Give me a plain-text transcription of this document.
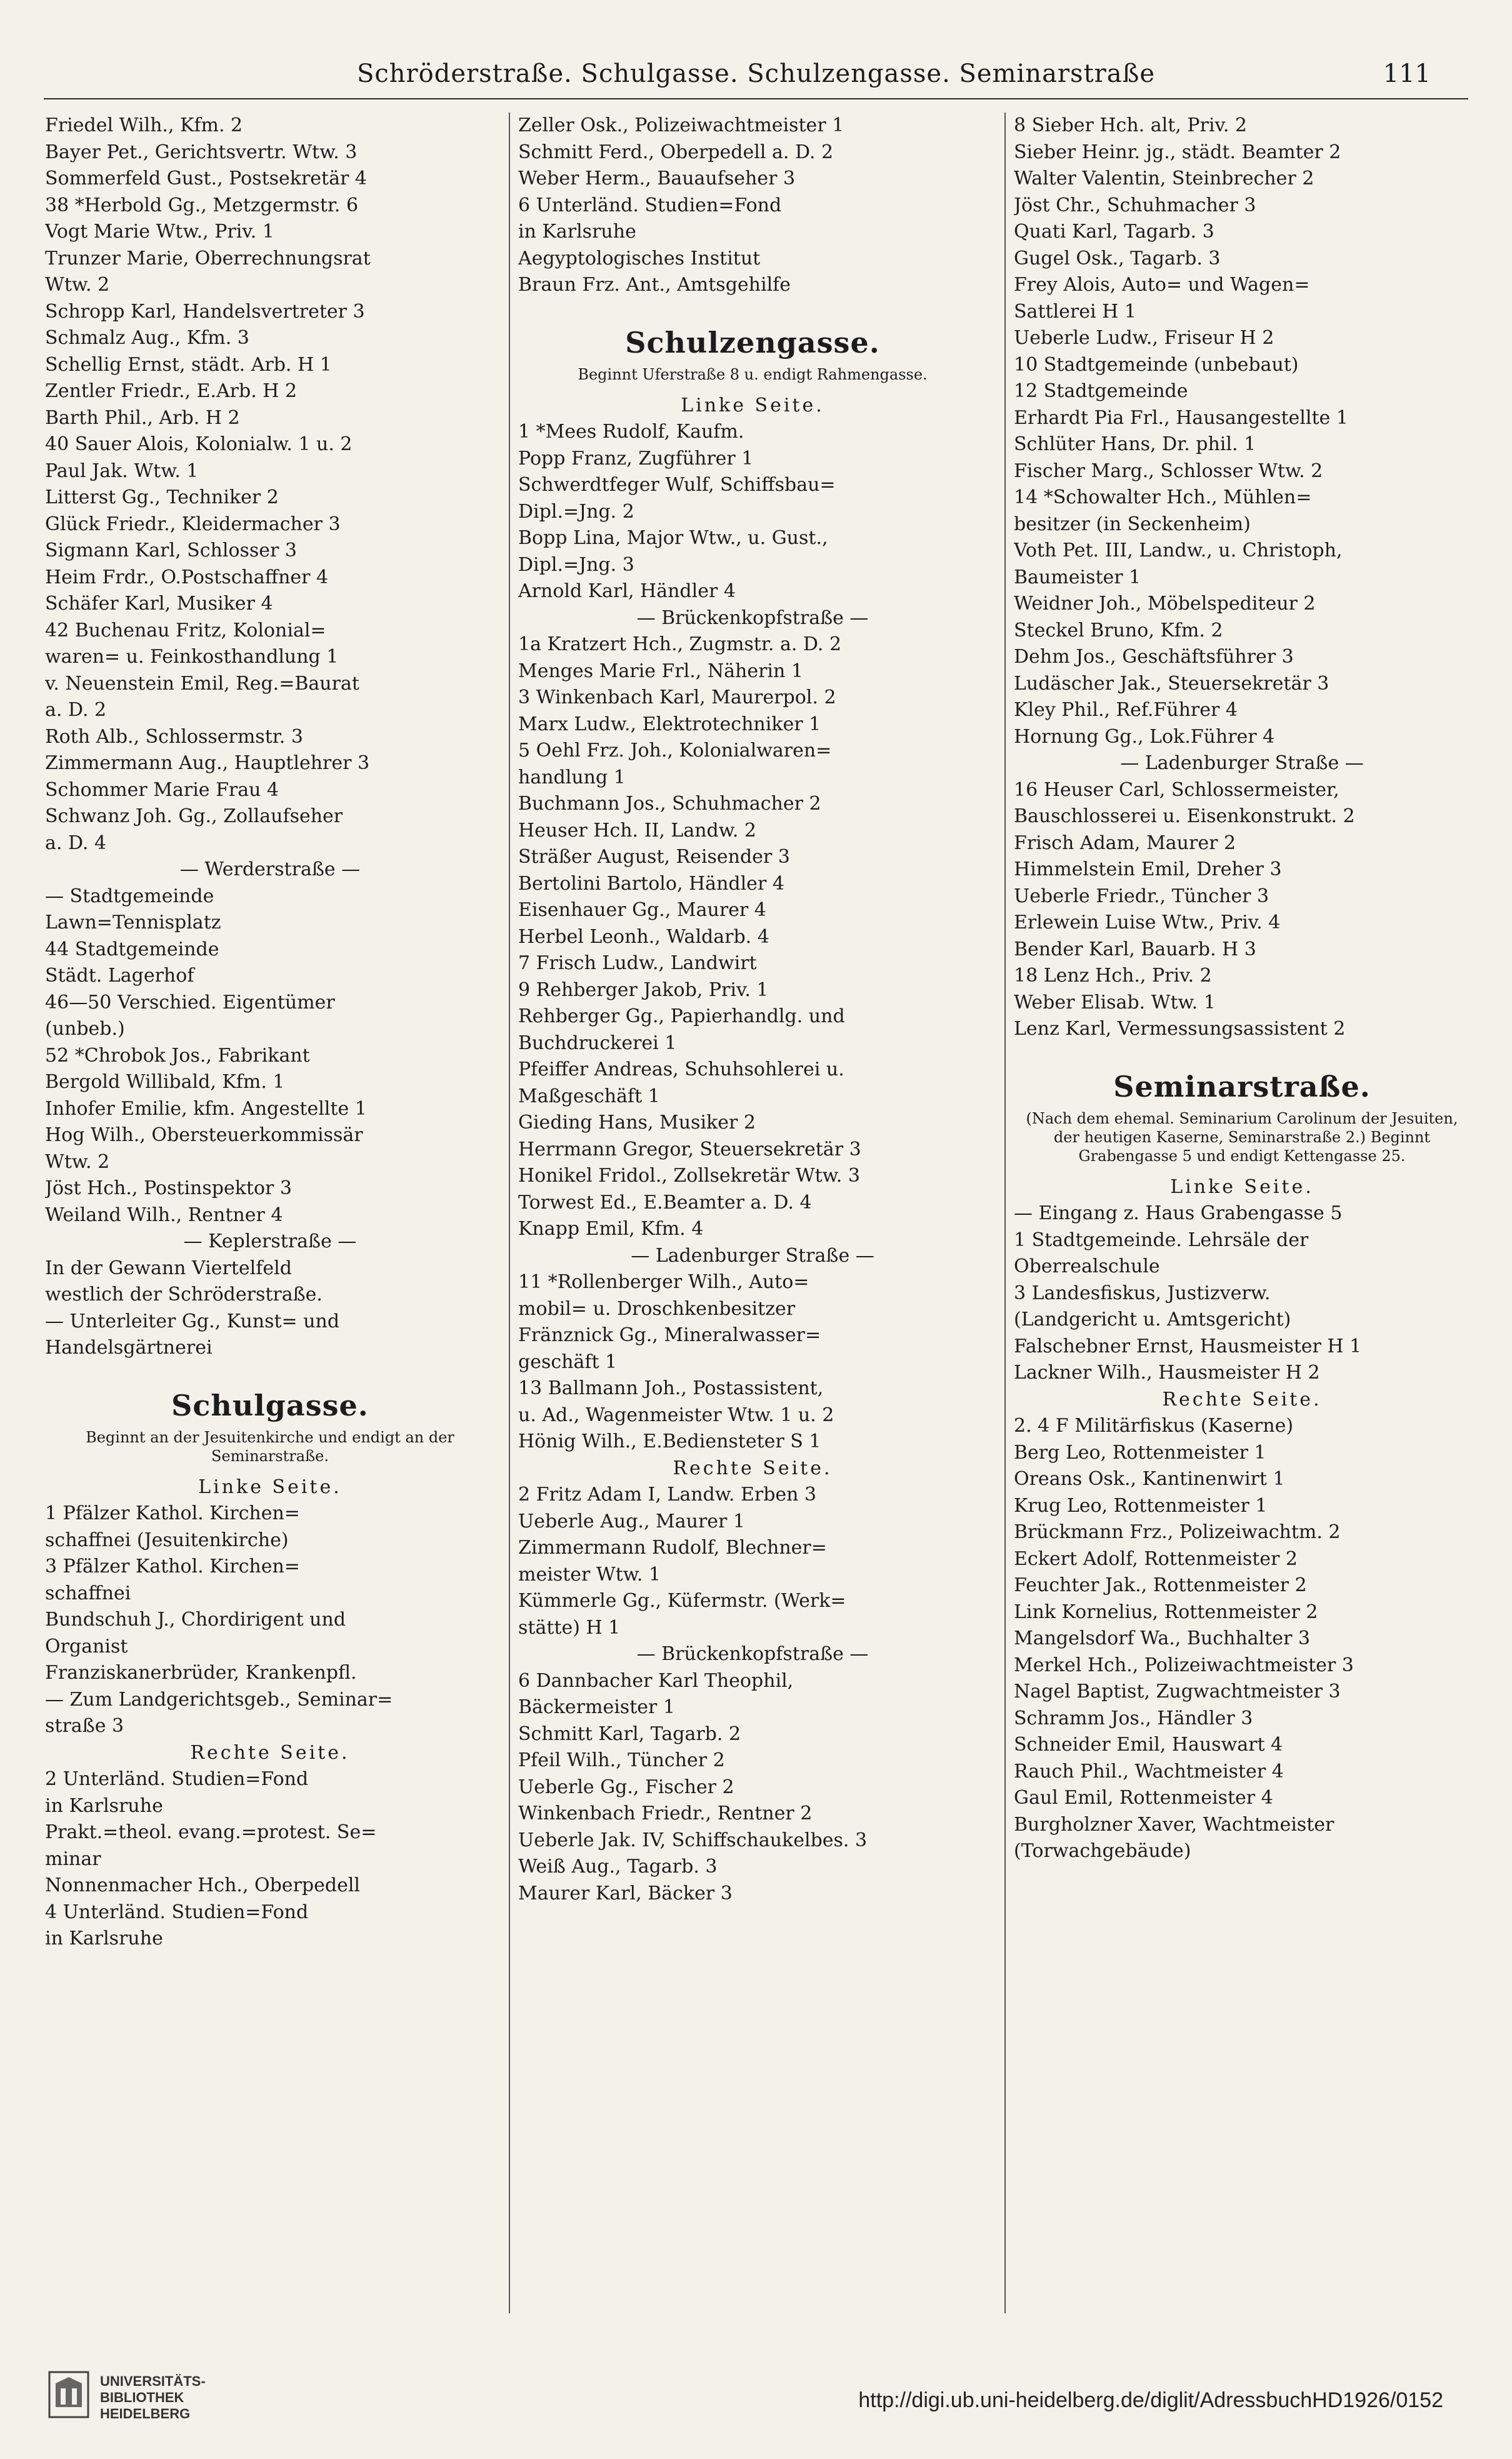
Schröderstraße. Schulgasse. Schulzengasse. Seminarstraße	111
Friedel Wilh., Kfm. 2
Bayer Pet., Gerichtsvertr. Wtw. 3
Sommerfeld Gust., Postsekretär 4
38 *Herbold Gg., Metzgermstr. 6
Vogt Marie Wtw., Priv. 1
Trunzer Marie, Oberrechnungsrat
Wtw. 2
Schropp Karl, Handelsvertreter 3
Schmalz Aug., Kfm. 3
Schellig Ernst, städt. Arb. H 1
Zentler Friedr., E.Arb. H 2
Barth Phil., Arb. H 2
40 Sauer Alois, Kolonialw. 1 u. 2
Paul Jak. Wtw. 1
Litterst Gg., Techniker 2
Glück Friedr., Kleidermacher 3
Sigmann Karl, Schlosser 3
Heim Frdr., O.Postschaffner 4
Schäfer Karl, Musiker 4
42 Buchenau Fritz, Kolonial=
waren= u. Feinkosthandlung 1
v. Neuenstein Emil, Reg.=Baurat
a. D. 2
Roth Alb., Schlossermstr. 3
Zimmermann Aug., Hauptlehrer 3
Schommer Marie Frau 4
Schwanz Joh. Gg., Zollaufseher
a. D. 4
— Werderstraße —
— Stadtgemeinde
Lawn=Tennisplatz
44 Stadtgemeinde
Städt. Lagerhof
46—50 Verschied. Eigentümer
(unbeb.)
52 *Chrobok Jos., Fabrikant
Bergold Willibald, Kfm. 1
Inhofer Emilie, kfm. Angestellte 1
Hog Wilh., Obersteuerkommissär
Wtw. 2
Jöst Hch., Postinspektor 3
Weiland Wilh., Rentner 4
— Keplerstraße —
In der Gewann Viertelfeld
westlich der Schröderstraße.
— Unterleiter Gg., Kunst= und
Handelsgärtnerei
Schulgasse.
Beginnt an der Jesuitenkirche und endigt an der Seminarstraße.
Linke Seite.
1 Pfälzer Kathol. Kirchen=
schaffnei (Jesuitenkirche)
3 Pfälzer Kathol. Kirchen=
schaffnei
Bundschuh J., Chordirigent und
Organist
Franziskanerbrüder, Krankenpfl.
— Zum Landgerichtsgeb., Seminar=
straße 3
Rechte Seite.
2 Unterländ. Studien=Fond
in Karlsruhe
Prakt.=theol. evang.=protest. Se=
minar
Nonnenmacher Hch., Oberpedell
4 Unterländ. Studien=Fond
in Karlsruhe
Zeller Osk., Polizeiwachtmeister 1
Schmitt Ferd., Oberpedell a. D. 2
Weber Herm., Bauaufseher 3
6 Unterländ. Studien=Fond
in Karlsruhe
Aegyptologisches Institut
Braun Frz. Ant., Amtsgehilfe
Schulzengasse.
Beginnt Uferstraße 8 u. endigt Rahmengasse.
Linke Seite.
1 *Mees Rudolf, Kaufm.
Popp Franz, Zugführer 1
Schwerdtfeger Wulf, Schiffsbau=
Dipl.=Jng. 2
Bopp Lina, Major Wtw., u. Gust.,
Dipl.=Jng. 3
Arnold Karl, Händler 4
— Brückenkopfstraße —
1a Kratzert Hch., Zugmstr. a. D. 2
Menges Marie Frl., Näherin 1
3 Winkenbach Karl, Maurerpol. 2
Marx Ludw., Elektrotechniker 1
5 Oehl Frz. Joh., Kolonialwaren=
handlung 1
Buchmann Jos., Schuhmacher 2
Heuser Hch. II, Landw. 2
Sträßer August, Reisender 3
Bertolini Bartolo, Händler 4
Eisenhauer Gg., Maurer 4
Herbel Leonh., Waldarb. 4
7 Frisch Ludw., Landwirt
9 Rehberger Jakob, Priv. 1
Rehberger Gg., Papierhandlg. und
Buchdruckerei 1
Pfeiffer Andreas, Schuhsohlerei u.
Maßgeschäft 1
Gieding Hans, Musiker 2
Herrmann Gregor, Steuersekretär 3
Honikel Fridol., Zollsekretär Wtw. 3
Torwest Ed., E.Beamter a. D. 4
Knapp Emil, Kfm. 4
— Ladenburger Straße —
11 *Rollenberger Wilh., Auto=
mobil= u. Droschkenbesitzer
Fränznick Gg., Mineralwasser=
geschäft 1
13 Ballmann Joh., Postassistent,
u. Ad., Wagenmeister Wtw. 1 u. 2
Hönig Wilh., E.Bediensteter S 1
Rechte Seite.
2 Fritz Adam I, Landw. Erben 3
Ueberle Aug., Maurer 1
Zimmermann Rudolf, Blechner=
meister Wtw. 1
Kümmerle Gg., Küfermstr. (Werk=
stätte) H 1
— Brückenkopfstraße —
6 Dannbacher Karl Theophil,
Bäckermeister 1
Schmitt Karl, Tagarb. 2
Pfeil Wilh., Tüncher 2
Ueberle Gg., Fischer 2
Winkenbach Friedr., Rentner 2
Ueberle Jak. IV, Schiffschaukelbes. 3
Weiß Aug., Tagarb. 3
Maurer Karl, Bäcker 3
8 Sieber Hch. alt, Priv. 2
Sieber Heinr. jg., städt. Beamter 2
Walter Valentin, Steinbrecher 2
Jöst Chr., Schuhmacher 3
Quati Karl, Tagarb. 3
Gugel Osk., Tagarb. 3
Frey Alois, Auto= und Wagen=
Sattlerei H 1
Ueberle Ludw., Friseur H 2
10 Stadtgemeinde (unbebaut)
12 Stadtgemeinde
Erhardt Pia Frl., Hausangestellte 1
Schlüter Hans, Dr. phil. 1
Fischer Marg., Schlosser Wtw. 2
14 *Schowalter Hch., Mühlen=
besitzer (in Seckenheim)
Voth Pet. III, Landw., u. Christoph,
Baumeister 1
Weidner Joh., Möbelspediteur 2
Steckel Bruno, Kfm. 2
Dehm Jos., Geschäftsführer 3
Ludäscher Jak., Steuersekretär 3
Kley Phil., Ref.Führer 4
Hornung Gg., Lok.Führer 4
— Ladenburger Straße —
16 Heuser Carl, Schlossermeister,
Bauschlosserei u. Eisenkonstrukt. 2
Frisch Adam, Maurer 2
Himmelstein Emil, Dreher 3
Ueberle Friedr., Tüncher 3
Erlewein Luise Wtw., Priv. 4
Bender Karl, Bauarb. H 3
18 Lenz Hch., Priv. 2
Weber Elisab. Wtw. 1
Lenz Karl, Vermessungsassistent 2
Seminarstraße.
(Nach dem ehemal. Seminarium Carolinum der Jesuiten, der heutigen Kaserne, Seminarstraße 2.) Beginnt Grabengasse 5 und endigt Kettengasse 25.
Linke Seite.
— Eingang z. Haus Grabengasse 5
1 Stadtgemeinde. Lehrsäle der
Oberrealschule
3 Landesfiskus, Justizverw.
(Landgericht u. Amtsgericht)
Falschebner Ernst, Hausmeister H 1
Lackner Wilh., Hausmeister H 2
Rechte Seite.
2. 4 F Militärfiskus (Kaserne)
Berg Leo, Rottenmeister 1
Oreans Osk., Kantinenwirt 1
Krug Leo, Rottenmeister 1
Brückmann Frz., Polizeiwachtm. 2
Eckert Adolf, Rottenmeister 2
Feuchter Jak., Rottenmeister 2
Link Kornelius, Rottenmeister 2
Mangelsdorf Wa., Buchhalter 3
Merkel Hch., Polizeiwachtmeister 3
Nagel Baptist, Zugwachtmeister 3
Schramm Jos., Händler 3
Schneider Emil, Hauswart 4
Rauch Phil., Wachtmeister 4
Gaul Emil, Rottenmeister 4
Burgholzner Xaver, Wachtmeister
(Torwachgebäude)
UNIVERSITÄTS-
BIBLIOTHEK
HEIDELBERG
http://digi.ub.uni-heidelberg.de/diglit/AdressbuchHD1926/0152
